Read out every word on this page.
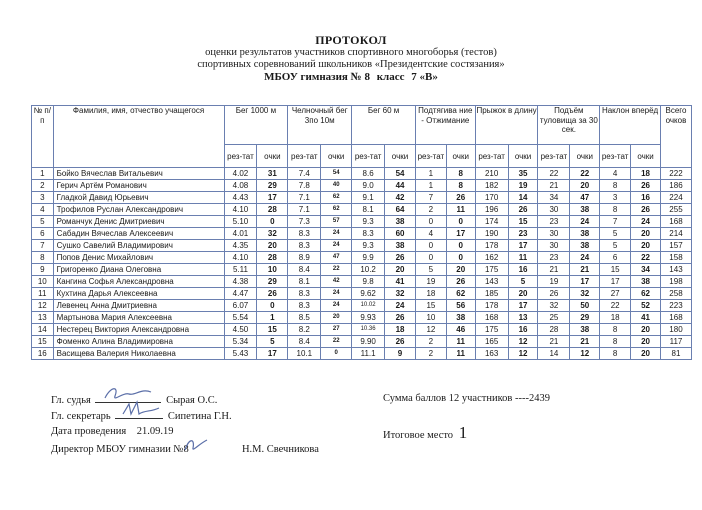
ПРОТОКОЛ
оценки результатов участников спортивного многоборья (тестов)
спортивных соревнований школьников «Президентские состязания»
МБОУ гимназия № 8 класс 7 «В»
№ п/п	Фамилия, имя, отчество учащегося	Бег 1000 м		Челночный бег 3по 10м		Бег 60 м		Подтягива ние - Отжимание		Прыжок в длину		Подъём туловища за 30 сек.		Наклон вперёд		Всего очков
		рез-тат	очки	рез-тат	очки	рез-тат	очки	рез-тат	очки	рез-тат	очки	рез-тат	очки	рез-тат	очки	
1	Бойко Вячеслав Витальевич	4.02	31	7.4	54	8.6	54	1	8	210	35	22	22	4	18	222
2	Герич Артём Романович	4.08	29	7.8	40	9.0	44	1	8	182	19	21	20	8	26	186
3	Гладкой Давид Юрьевич	4.43	17	7.1	62	9.1	42	7	26	170	14	34	47	3	16	224
4	Трофилов Руслан Александрович	4.10	28	7.1	62	8.1	64	2	11	196	26	30	38	8	26	255
5	Романчук Денис Дмитриевич	5.10	0	7.3	57	9.3	38	0	0	174	15	23	24	7	24	168
6	Сабадин Вячеслав Алексеевич	4.01	32	8.3	24	8.3	60	4	17	190	23	30	38	5	20	214
7	Сушко Савелий Владимирович	4.35	20	8.3	24	9.3	38	0	0	178	17	30	38	5	20	157
8	Попов Денис Михайлович	4.10	28	8.9	47	9.9	26	0	0	162	11	23	24	6	22	158
9	Григоренко Диана Олеговна	5.11	10	8.4	22	10.2	20	5	20	175	16	21	21	15	34	143
10	Кангина Софья Александровна	4.38	29	8.1	42	9.8	41	19	26	143	5	19	17	17	38	198
11	Кухтина Дарья Алексеевна	4.47	26	8.3	24	9.62	32	18	62	185	20	26	32	27	62	258
12	Левенец Анна Дмитриевна	6.07	0	8.3	24	10.02	24	15	56	178	17	32	50	22	52	223
13	Мартынова Мария Алексеевна	5.54	1	8.5	20	9.93	26	10	38	168	13	25	29	18	41	168
14	Нестерец Виктория Александровна	4.50	15	8.2	27	10.36	18	12	46	175	16	28	38	8	20	180
15	Фоменко Алина Владимировна	5.34	5	8.4	22	9.90	26	2	11	165	12	21	21	8	20	117
16	Васищева Валерия Николаевна	5.43	17	10.1	0	11.1	9	2	11	163	12	14	12	8	20	81
Гл. судья	Сырая О.С.
Гл. секретарь	Сипетина Г.Н.
Дата проведения 21.09.19
Директор МБОУ гимназии №8	Н.М. Свечникова
Сумма баллов 12 участников ----2439
Итоговое место 1
